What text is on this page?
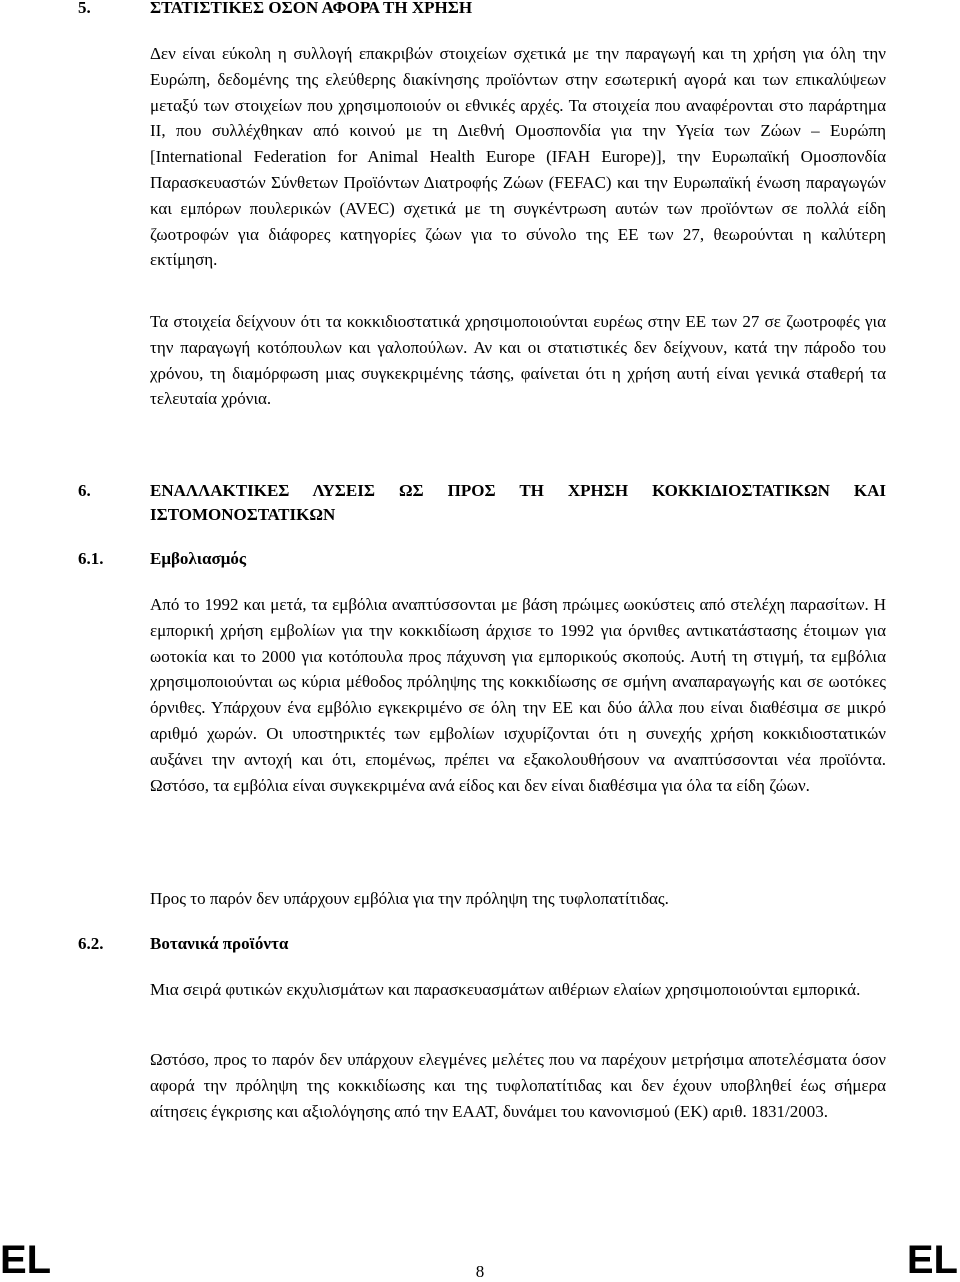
5.	ΣΤΑΤΙΣΤΙΚΕΣ ΟΣΟΝ ΑΦΟΡΑ ΤΗ ΧΡΗΣΗ

Δεν είναι εύκολη η συλλογή επακριβών στοιχείων σχετικά με την παραγωγή και τη χρήση για όλη την Ευρώπη, δεδομένης της ελεύθερης διακίνησης προϊόντων στην εσωτερική αγορά και των επικαλύψεων μεταξύ των στοιχείων που χρησιμοποιούν οι εθνικές αρχές. Τα στοιχεία που αναφέρονται στο παράρτημα II, που συλλέχθηκαν από κοινού με τη Διεθνή Ομοσπονδία για την Υγεία των Ζώων – Ευρώπη [International Federation for Animal Health Europe (IFAH Europe)], την Ευρωπαϊκή Ομοσπονδία Παρασκευαστών Σύνθετων Προϊόντων Διατροφής Ζώων (FEFAC) και την Ευρωπαϊκή ένωση παραγωγών και εμπόρων πουλερικών (AVEC) σχετικά με τη συγκέντρωση αυτών των προϊόντων σε πολλά είδη ζωοτροφών για διάφορες κατηγορίες ζώων για το σύνολο της ΕΕ των 27, θεωρούνται η καλύτερη εκτίμηση.

Τα στοιχεία δείχνουν ότι τα κοκκιδιοστατικά χρησιμοποιούνται ευρέως στην ΕΕ των 27 σε ζωοτροφές για την παραγωγή κοτόπουλων και γαλοπούλων. Αν και οι στατιστικές δεν δείχνουν, κατά την πάροδο του χρόνου, τη διαμόρφωση μιας συγκεκριμένης τάσης, φαίνεται ότι η χρήση αυτή είναι γενικά σταθερή τα τελευταία χρόνια.

6.	ΕΝΑΛΛΑΚΤΙΚΕΣ ΛΥΣΕΙΣ ΩΣ ΠΡΟΣ ΤΗ ΧΡΗΣΗ ΚΟΚΚΙΔΙΟΣΤΑΤΙΚΩΝ ΚΑΙ
ΙΣΤΟΜΟΝΟΣΤΑΤΙΚΩΝ
6.1.	Εμβολιασμός

Από το 1992 και μετά, τα εμβόλια αναπτύσσονται με βάση πρώιμες ωοκύστεις από στελέχη παρασίτων. Η εμπορική χρήση εμβολίων για την κοκκιδίωση άρχισε το 1992 για όρνιθες αντικατάστασης έτοιμων για ωοτοκία και το 2000 για κοτόπουλα προς πάχυνση για εμπορικούς σκοπούς. Αυτή τη στιγμή, τα εμβόλια χρησιμοποιούνται ως κύρια μέθοδος πρόληψης της κοκκιδίωσης σε σμήνη αναπαραγωγής και σε ωοτόκες όρνιθες. Υπάρχουν ένα εμβόλιο εγκεκριμένο σε όλη την ΕΕ και δύο άλλα που είναι διαθέσιμα σε μικρό αριθμό χωρών. Οι υποστηρικτές των εμβολίων ισχυρίζονται ότι η συνεχής χρήση κοκκιδιοστατικών αυξάνει την αντοχή και ότι, επομένως, πρέπει να εξακολουθήσουν να αναπτύσσονται νέα προϊόντα. Ωστόσο, τα εμβόλια είναι συγκεκριμένα ανά είδος και δεν είναι διαθέσιμα για όλα τα είδη ζώων.

Προς το παρόν δεν υπάρχουν εμβόλια για την πρόληψη της τυφλοπατίτιδας.

6.2.	Βοτανικά προϊόντα

Μια σειρά φυτικών εκχυλισμάτων και παρασκευασμάτων αιθέριων ελαίων χρησιμοποιούνται εμπορικά.

Ωστόσο, προς το παρόν δεν υπάρχουν ελεγμένες μελέτες που να παρέχουν μετρήσιμα αποτελέσματα όσον αφορά την πρόληψη της κοκκιδίωσης και της τυφλοπατίτιδας και δεν έχουν υποβληθεί έως σήμερα αίτησεις έγκρισης και αξιολόγησης από την ΕΑΑΤ, δυνάμει του κανονισμού (ΕΚ) αριθ. 1831/2003.

EL	8	EL
